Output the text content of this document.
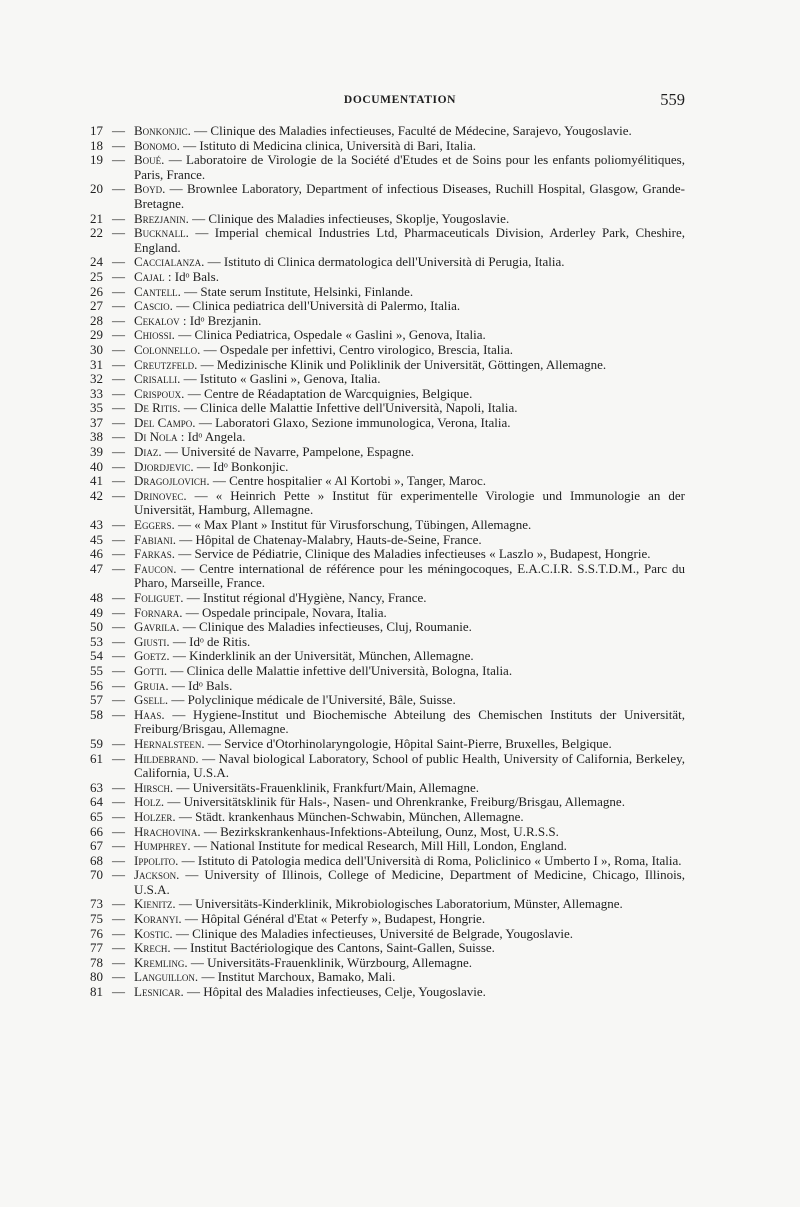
DOCUMENTATION	559
17 — Bonkonjic. — Clinique des Maladies infectieuses, Faculté de Médecine, Sarajevo, Yougoslavie.
18 — Bonomo. — Istituto di Medicina clinica, Università di Bari, Italia.
19 — Boué. — Laboratoire de Virologie de la Société d'Etudes et de Soins pour les enfants poliomyélitiques, Paris, France.
20 — Boyd. — Brownlee Laboratory, Department of infectious Diseases, Ruchill Hospital, Glasgow, Grande-Bretagne.
21 — Brezjanin. — Clinique des Maladies infectieuses, Skoplje, Yougoslavie.
22 — Bucknall. — Imperial chemical Industries Ltd, Pharmaceuticals Division, Arderley Park, Cheshire, England.
24 — Caccialanza. — Istituto di Clinica dermatologica dell'Università di Perugia, Italia.
25 — Cajal : Idᵒ Bals.
26 — Cantell. — State serum Institute, Helsinki, Finlande.
27 — Cascio. — Clinica pediatrica dell'Università di Palermo, Italia.
28 — Cekalov : Idᵒ Brezjanin.
29 — Chiossi. — Clinica Pediatrica, Ospedale « Gaslini », Genova, Italia.
30 — Colonnello. — Ospedale per infettivi, Centro virologico, Brescia, Italia.
31 — Creutzfeld. — Medizinische Klinik und Poliklinik der Universität, Göttingen, Allemagne.
32 — Crisalli. — Istituto « Gaslini », Genova, Italia.
33 — Crispoux. — Centre de Réadaptation de Warcquignies, Belgique.
35 — De Ritis. — Clinica delle Malattie Infettive dell'Università, Napoli, Italia.
37 — Del Campo. — Laboratori Glaxo, Sezione immunologica, Verona, Italia.
38 — Di Nola : Idᵒ Angela.
39 — Diaz. — Université de Navarre, Pampelone, Espagne.
40 — Djordjevic. — Idᵒ Bonkonjic.
41 — Dragojlovich. — Centre hospitalier « Al Kortobi », Tanger, Maroc.
42 — Drinovec. — « Heinrich Pette » Institut für experimentelle Virologie und Immunologie an der Universität, Hamburg, Allemagne.
43 — Eggers. — « Max Plant » Institut für Virusforschung, Tübingen, Allemagne.
45 — Fabiani. — Hôpital de Chatenay-Malabry, Hauts-de-Seine, France.
46 — Farkas. — Service de Pédiatrie, Clinique des Maladies infectieuses « Laszlo », Budapest, Hongrie.
47 — Faucon. — Centre international de référence pour les méningocoques, E.A.C.I.R. S.S.T.D.M., Parc du Pharo, Marseille, France.
48 — Foliguet. — Institut régional d'Hygiène, Nancy, France.
49 — Fornara. — Ospedale principale, Novara, Italia.
50 — Gavrila. — Clinique des Maladies infectieuses, Cluj, Roumanie.
53 — Giusti. — Idᵒ de Ritis.
54 — Goetz. — Kinderklinik an der Universität, München, Allemagne.
55 — Gotti. — Clinica delle Malattie infettive dell'Università, Bologna, Italia.
56 — Gruia. — Idᵒ Bals.
57 — Gsell. — Polyclinique médicale de l'Université, Bâle, Suisse.
58 — Haas. — Hygiene-Institut und Biochemische Abteilung des Chemischen Instituts der Universität, Freiburg/Brisgau, Allemagne.
59 — Hernalsteen. — Service d'Otorhinolaryngologie, Hôpital Saint-Pierre, Bruxelles, Belgique.
61 — Hildebrand. — Naval biological Laboratory, School of public Health, University of California, Berkeley, California, U.S.A.
63 — Hirsch. — Universitäts-Frauenklinik, Frankfurt/Main, Allemagne.
64 — Holz. — Universitätsklinik für Hals-, Nasen- und Ohrenkranke, Freiburg/Brisgau, Allemagne.
65 — Holzer. — Städt. krankenhaus München-Schwabin, München, Allemagne.
66 — Hrachovina. — Bezirkskrankenhaus-Infektions-Abteilung, Ounz, Most, U.R.S.S.
67 — Humphrey. — National Institute for medical Research, Mill Hill, London, England.
68 — Ippolito. — Istituto di Patologia medica dell'Università di Roma, Policlinico « Umberto I », Roma, Italia.
70 — Jackson. — University of Illinois, College of Medicine, Department of Medicine, Chicago, Illinois, U.S.A.
73 — Kienitz. — Universitäts-Kinderklinik, Mikrobiologisches Laboratorium, Münster, Allemagne.
75 — Koranyi. — Hôpital Général d'Etat « Peterfy », Budapest, Hongrie.
76 — Kostic. — Clinique des Maladies infectieuses, Université de Belgrade, Yougoslavie.
77 — Krech. — Institut Bactériologique des Cantons, Saint-Gallen, Suisse.
78 — Kremling. — Universitäts-Frauenklinik, Würzbourg, Allemagne.
80 — Languillon. — Institut Marchoux, Bamako, Mali.
81 — Lesnicar. — Hôpital des Maladies infectieuses, Celje, Yougoslavie.
